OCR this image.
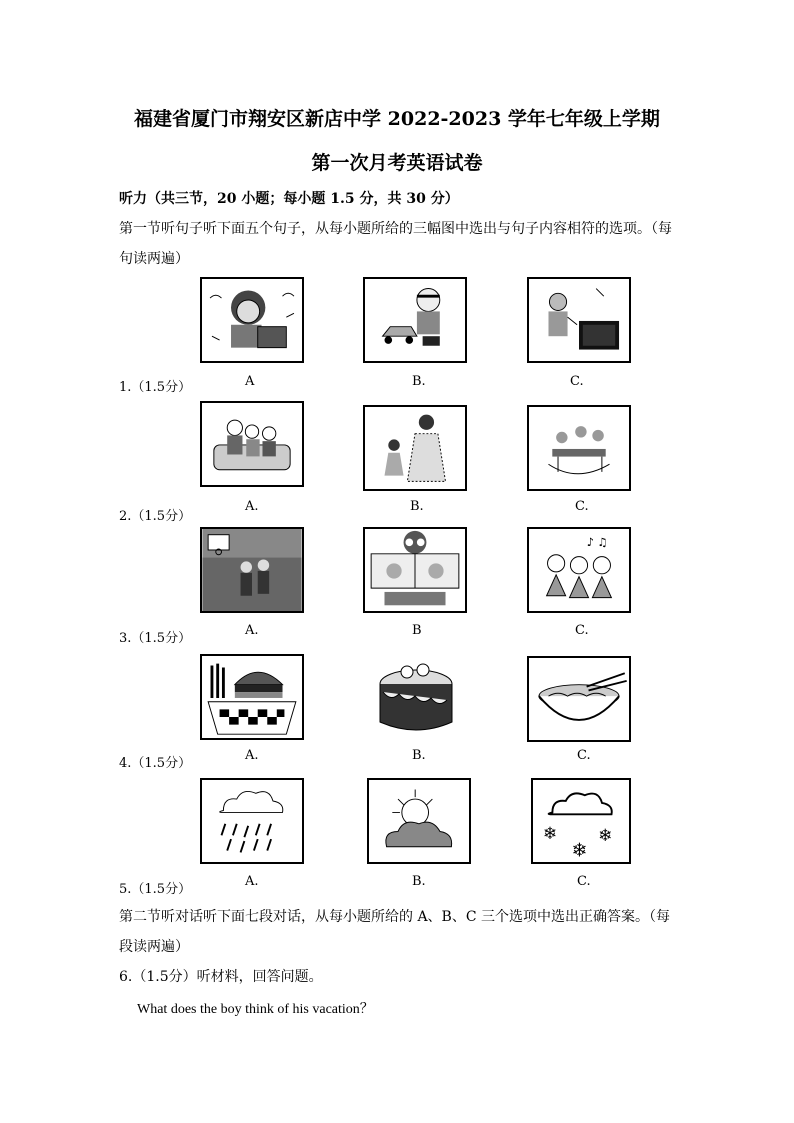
福建省厦门市翔安区新店中学 2022-2023 学年七年级上学期
第一次月考英语试卷
听力（共三节，20 小题；每小题 1.5 分，共 30 分）
第一节听句子听下面五个句子，从每小题所给的三幅图中选出与句子内容相符的选项。（每
句读两遍）
1.（1.5分）	A	B.	C.
2.（1.5分）
A.	B.	C.
♪ ♫
3.（1.5分）
A.	B	C.
4.（1.5分）
A.	B.	C.
❄
❄
❄
5.（1.5分）
A.	B.	C.
第二节听对话听下面七段对话，从每小题所给的 A、B、C 三个选项中选出正确答案。（每
段读两遍）
6.（1.5分）听材料，回答问题。
What does the boy think of his vacation？
